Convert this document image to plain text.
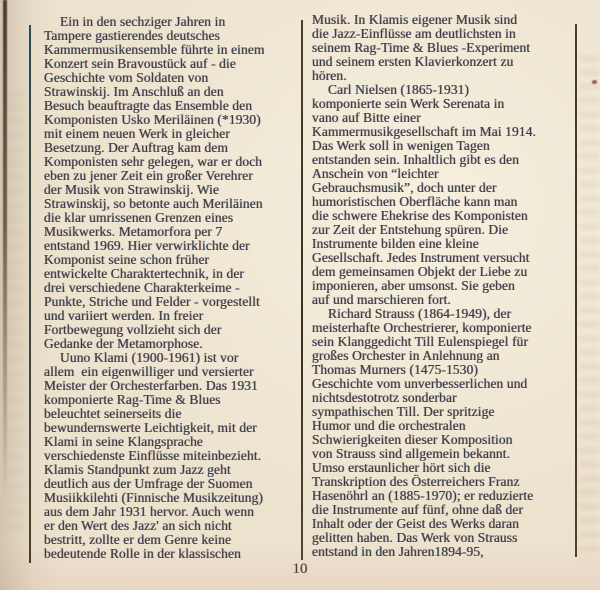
Ein in den sechziger Jahren in
Tampere gastierendes deutsches
Kammermusikensemble führte in einem
Konzert sein Bravoustück auf - die
Geschichte vom Soldaten von
Strawinskij. Im Anschluß an den
Besuch beauftragte das Ensemble den
Komponisten Usko Meriläinen (*1930)
mit einem neuen Werk in gleicher
Besetzung. Der Auftrag kam dem
Komponisten sehr gelegen, war er doch
eben zu jener Zeit ein großer Verehrer
der Musik von Strawinskij. Wie
Strawinskij, so betonte auch Meriläinen
die klar umrissenen Grenzen eines
Musikwerks. Metamorfora per 7
entstand 1969. Hier verwirklichte der
Komponist seine schon früher
entwickelte Charaktertechnik, in der
drei verschiedene Charakterkeime -
Punkte, Striche und Felder - vorgestellt
und variiert werden. In freier
Fortbewegung vollzieht sich der
Gedanke der Metamorphose.
Uuno Klami (1900-1961) ist vor
allem  ein eigenwilliger und versierter
Meister der Orchesterfarben. Das 1931
komponierte Rag-Time & Blues
beleuchtet seinerseits die
bewundernswerte Leichtigkeit, mit der
Klami in seine Klangsprache
verschiedenste Einflüsse miteinbezieht.
Klamis Standpunkt zum Jazz geht
deutlich aus der Umfrage der Suomen
Musiikkilehti (Finnische Musikzeitung)
aus dem Jahr 1931 hervor. Auch wenn
er den Wert des Jazz' an sich nicht
bestritt, zollte er dem Genre keine
bedeutende Rolle in der klassischen
Musik. In Klamis eigener Musik sind
die Jazz-Einflüsse am deutlichsten in
seinem Rag-Time & Blues -Experiment
und seinem ersten Klavierkonzert zu
hören.
Carl Nielsen (1865-1931)
komponierte sein Werk Serenata in
vano auf Bitte einer
Kammermusikgesellschaft im Mai 1914.
Das Werk soll in wenigen Tagen
entstanden sein. Inhaltlich gibt es den
Anschein von “leichter
Gebrauchsmusik”, doch unter der
humoristischen Oberfläche kann man
die schwere Ehekrise des Komponisten
zur Zeit der Entstehung spüren. Die
Instrumente bilden eine kleine
Gesellschaft. Jedes Instrument versucht
dem gemeinsamen Objekt der Liebe zu
imponieren, aber umsonst. Sie geben
auf und marschieren fort.
Richard Strauss (1864-1949), der
meisterhafte Orchestrierer, komponierte
sein Klanggedicht Till Eulenspiegel für
großes Orchester in Anlehnung an
Thomas Murners (1475-1530)
Geschichte vom unverbesserlichen und
nichtsdestotrotz sonderbar
sympathischen Till. Der spritzige
Humor und die orchestralen
Schwierigkeiten dieser Komposition
von Strauss sind allgemein bekannt.
Umso erstaunlicher hört sich die
Transkription des Österreichers Franz
Hasenöhrl an (1885-1970); er reduzierte
die Instrumente auf fünf, ohne daß der
Inhalt oder der Geist des Werks daran
gelitten haben. Das Werk von Strauss
entstand in den Jahren1894-95,
10
